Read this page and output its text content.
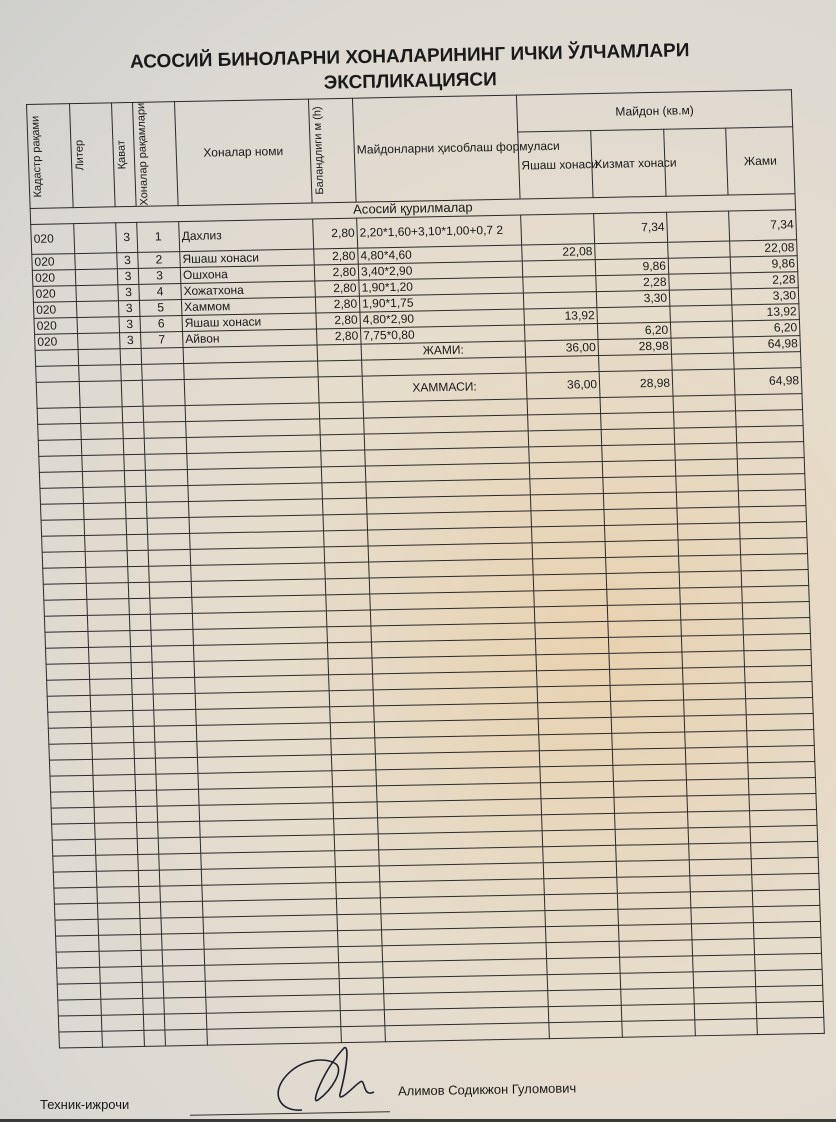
АСОСИЙ БИНОЛАРНИ ХОНАЛАРИНИНГ ИЧКИ ЎЛЧАМЛАРИ
ЭКСПЛИКАЦИЯСИ
Кадастр рақами	Литер	Қават	Хоналар рақамлари	Хоналар номи	Баландлиги м (h)	Майдонларни ҳисоблаш формуласи	Майдон (кв.м)			
							Яшаш хонаси	Хизмат хонаси		Жами
Асосий қурилмалар										
020		3	1	Дахлиз	2,80	2,20*1,60+3,10*1,00+0,7 2		7,34		7,34
020		3	2	Яшаш хонаси	2,80	4,80*4,60	22,08			22,08
020		3	3	Ошхона	2,80	3,40*2,90		9,86		9,86
020		3	4	Хожатхона	2,80	1,90*1,20		2,28		2,28
020		3	5	Хаммом	2,80	1,90*1,75		3,30		3,30
020		3	6	Яшаш хонаси	2,80	4,80*2,90	13,92			13,92
020		3	7	Айвон	2,80	7,75*0,80		6,20		6,20
						ЖАМИ:	36,00	28,98		64,98

						ХАММАСИ:	36,00	28,98		64,98

Техник-ижрочи
Алимов Содикжон Гуломович
